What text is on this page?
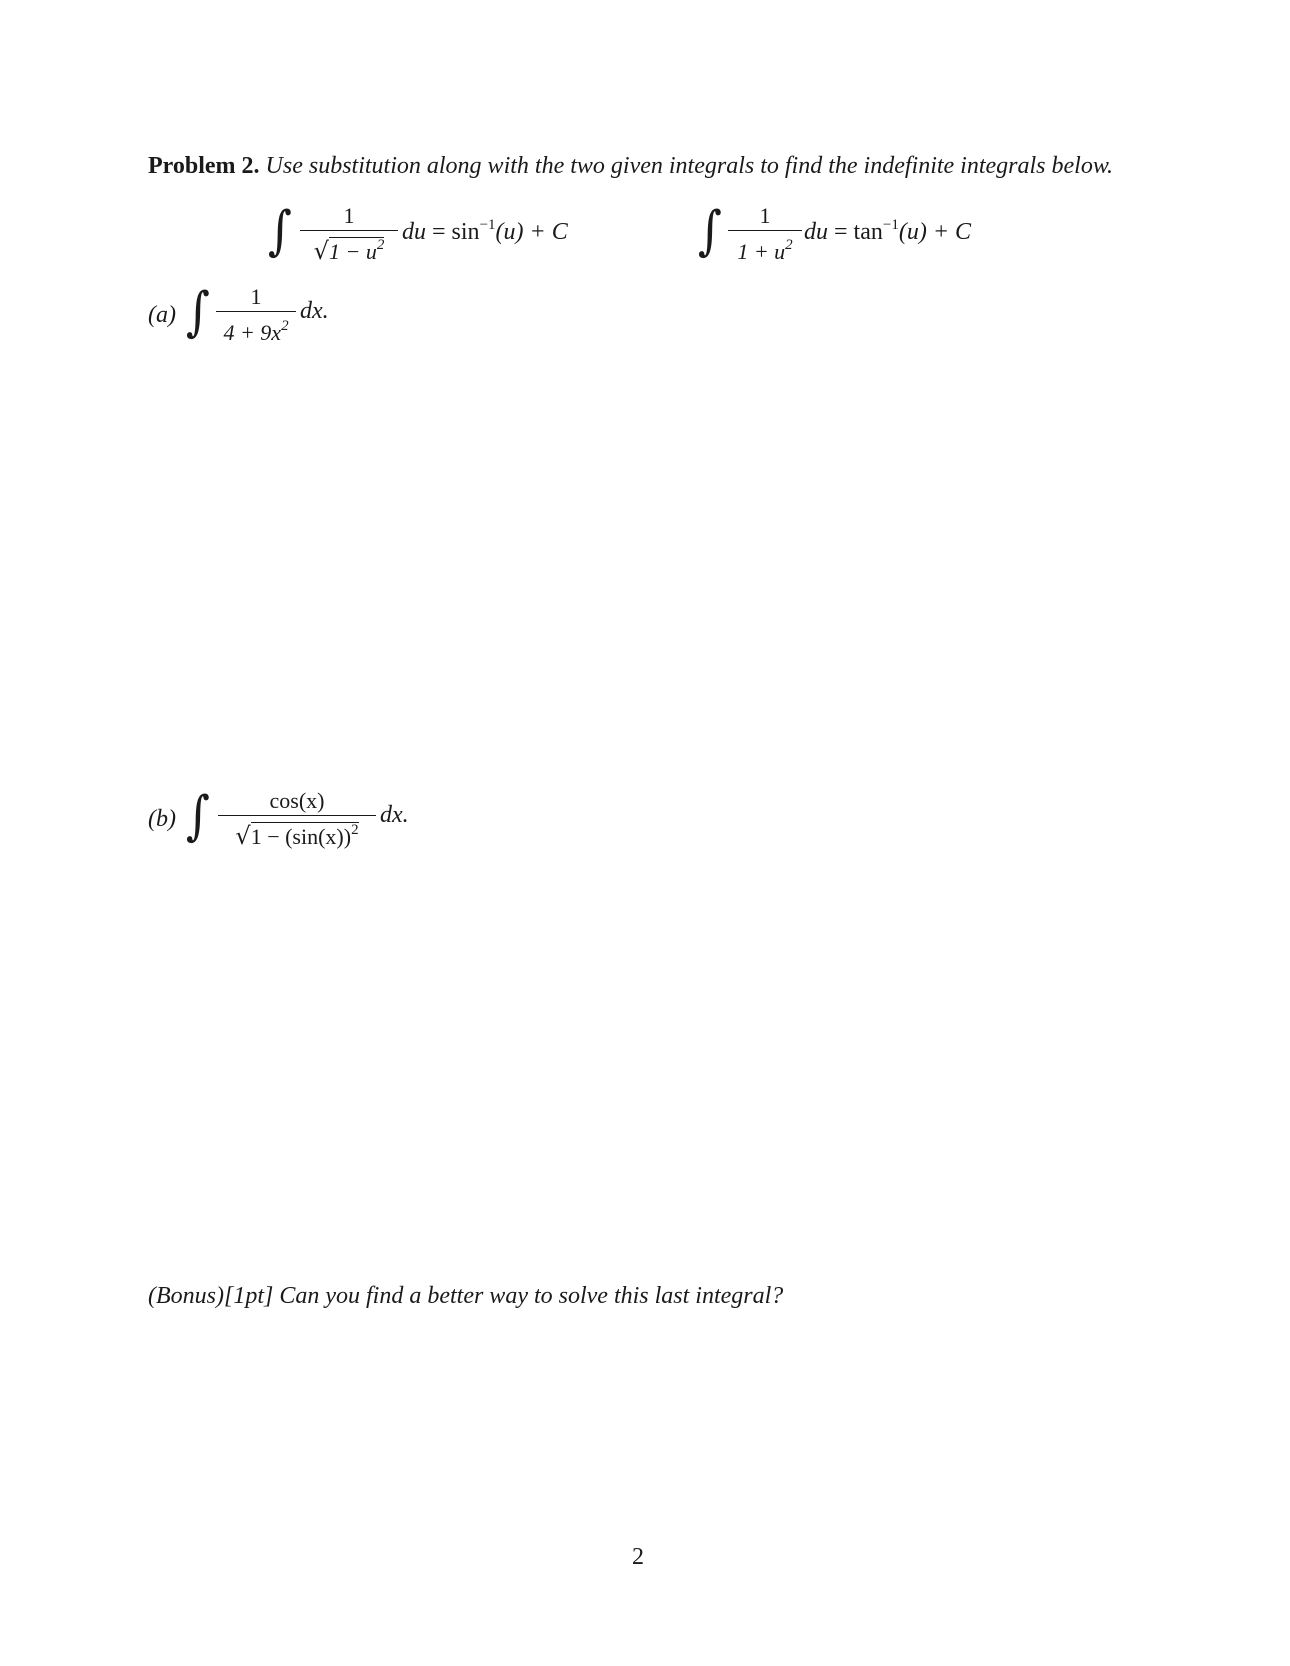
Problem 2. Use substitution along with the two given integrals to find the indefinite integrals below.
∫	1
$√1 - u^2$ du = $\sin^{-1}(u) + C$	∫	1
$1 + u^2$ du = $\tan^{-1}(u) + C$
(a) ∫	1
$4 + 9x^2$
dx.
(b) ∫	cos(x)
$√1 - (\sin(x))^2$
dx.
(Bonus)[1pt] Can you find a better way to solve this last integral?
2
